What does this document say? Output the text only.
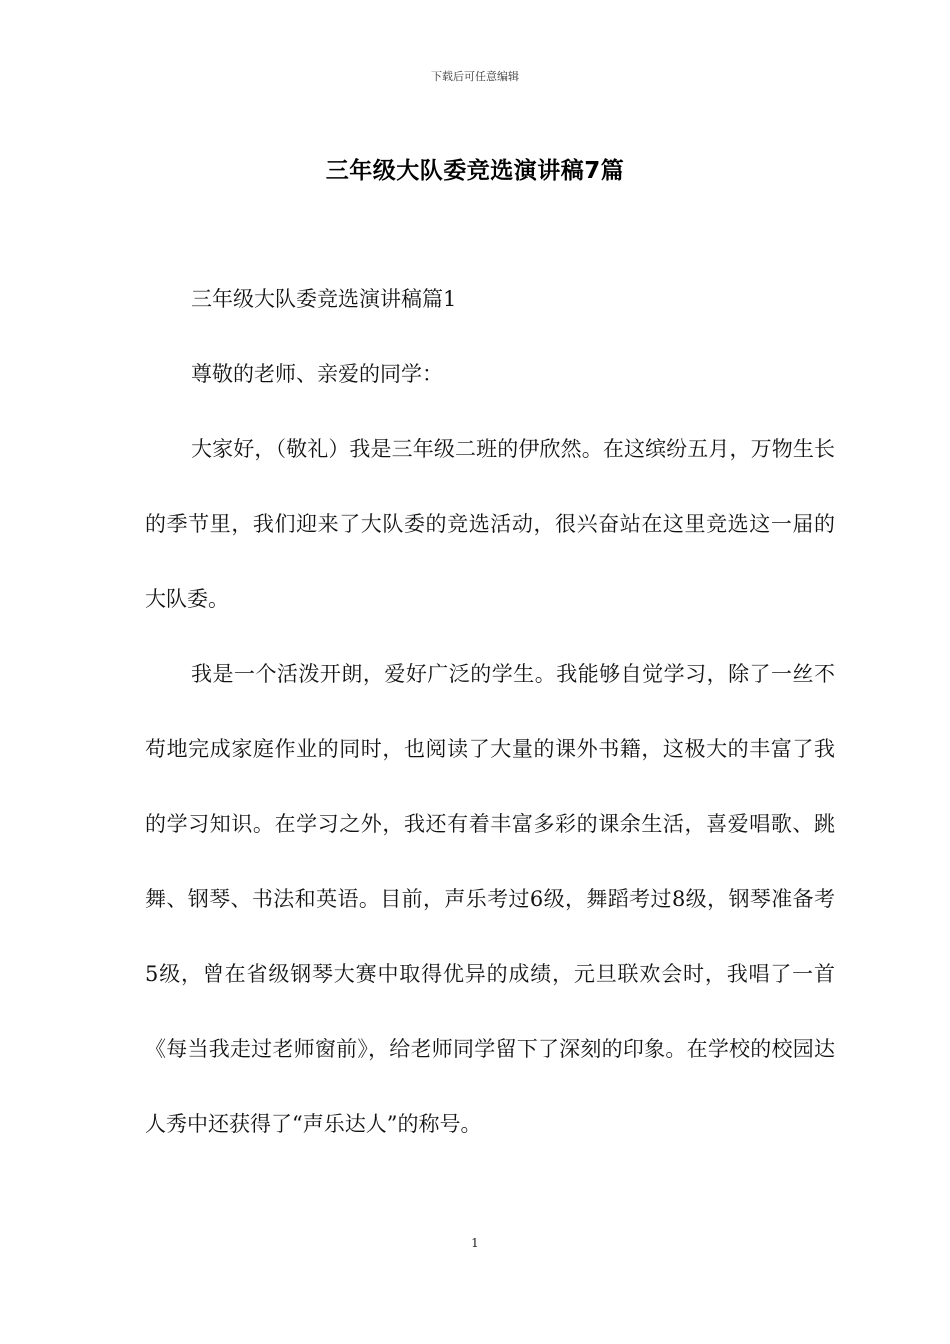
下载后可任意编辑
三年级大队委竞选演讲稿7篇

三年级大队委竞选演讲稿篇1

尊敬的老师、亲爱的同学：

大家好，（敬礼）我是三年级二班的伊欣然。在这缤纷五月，万物生长的季节里，我们迎来了大队委的竞选活动，很兴奋站在这里竞选这一届的大队委。

我是一个活泼开朗，爱好广泛的学生。我能够自觉学习，除了一丝不苟地完成家庭作业的同时，也阅读了大量的课外书籍，这极大的丰富了我的学习知识。在学习之外，我还有着丰富多彩的课余生活，喜爱唱歌、跳舞、钢琴、书法和英语。目前，声乐考过6级，舞蹈考过8级，钢琴准备考5级，曾在省级钢琴大赛中取得优异的成绩，元旦联欢会时，我唱了一首《每当我走过老师窗前》，给老师同学留下了深刻的印象。在学校的校园达人秀中还获得了“声乐达人”的称号。

1
